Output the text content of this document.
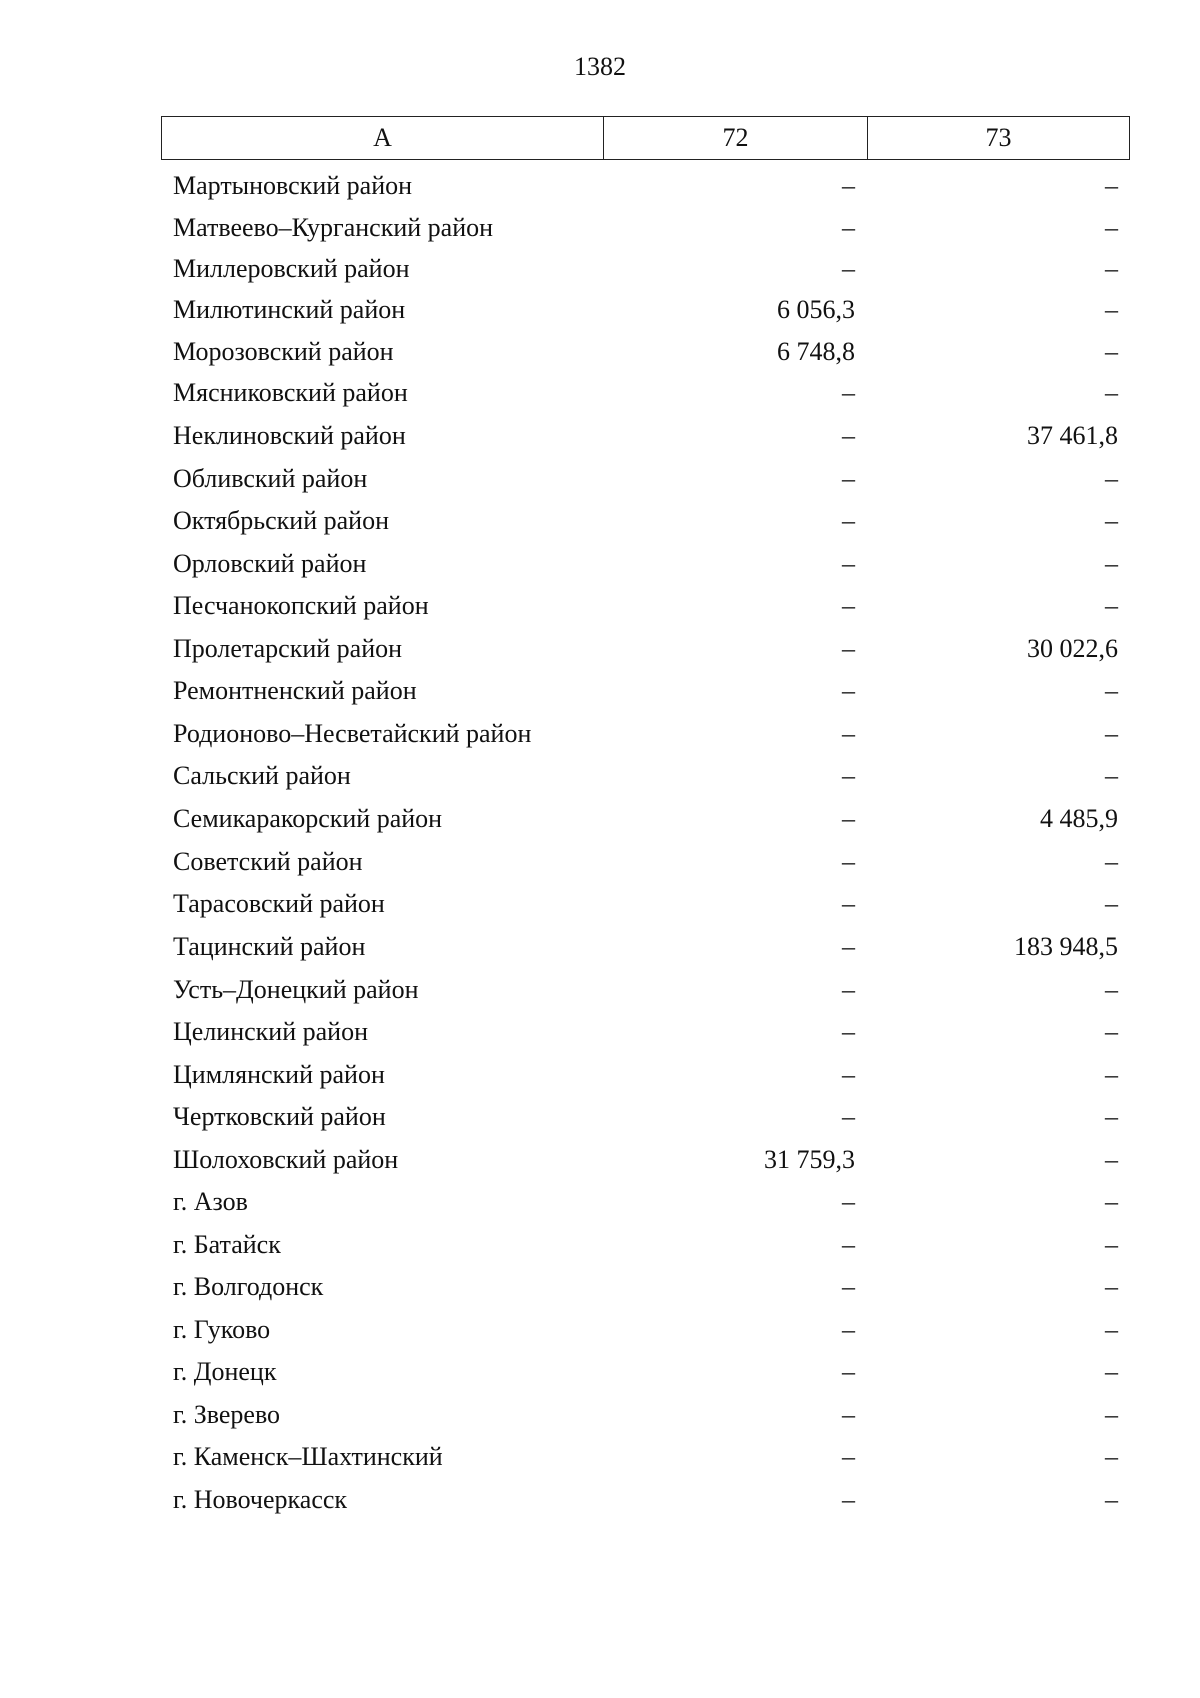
1382
А	72	73
Мартыновский район	–	–
Матвеево–Курганский район	–	–
Миллеровский район	–	–
Милютинский район	6 056,3	–
Морозовский район	6 748,8	–
Мясниковский район	–	–
Неклиновский район	–	37 461,8
Обливский район	–	–
Октябрьский район	–	–
Орловский район	–	–
Песчанокопский район	–	–
Пролетарский район	–	30 022,6
Ремонтненский район	–	–
Родионово–Несветайский район	–	–
Сальский район	–	–
Семикаракорский район	–	4 485,9
Советский район	–	–
Тарасовский район	–	–
Тацинский район	–	183 948,5
Усть–Донецкий район	–	–
Целинский район	–	–
Цимлянский район	–	–
Чертковский район	–	–
Шолоховский район	31 759,3	–
г. Азов	–	–
г. Батайск	–	–
г. Волгодонск	–	–
г. Гуково	–	–
г. Донецк	–	–
г. Зверево	–	–
г. Каменск–Шахтинский	–	–
г. Новочеркасск	–	–
